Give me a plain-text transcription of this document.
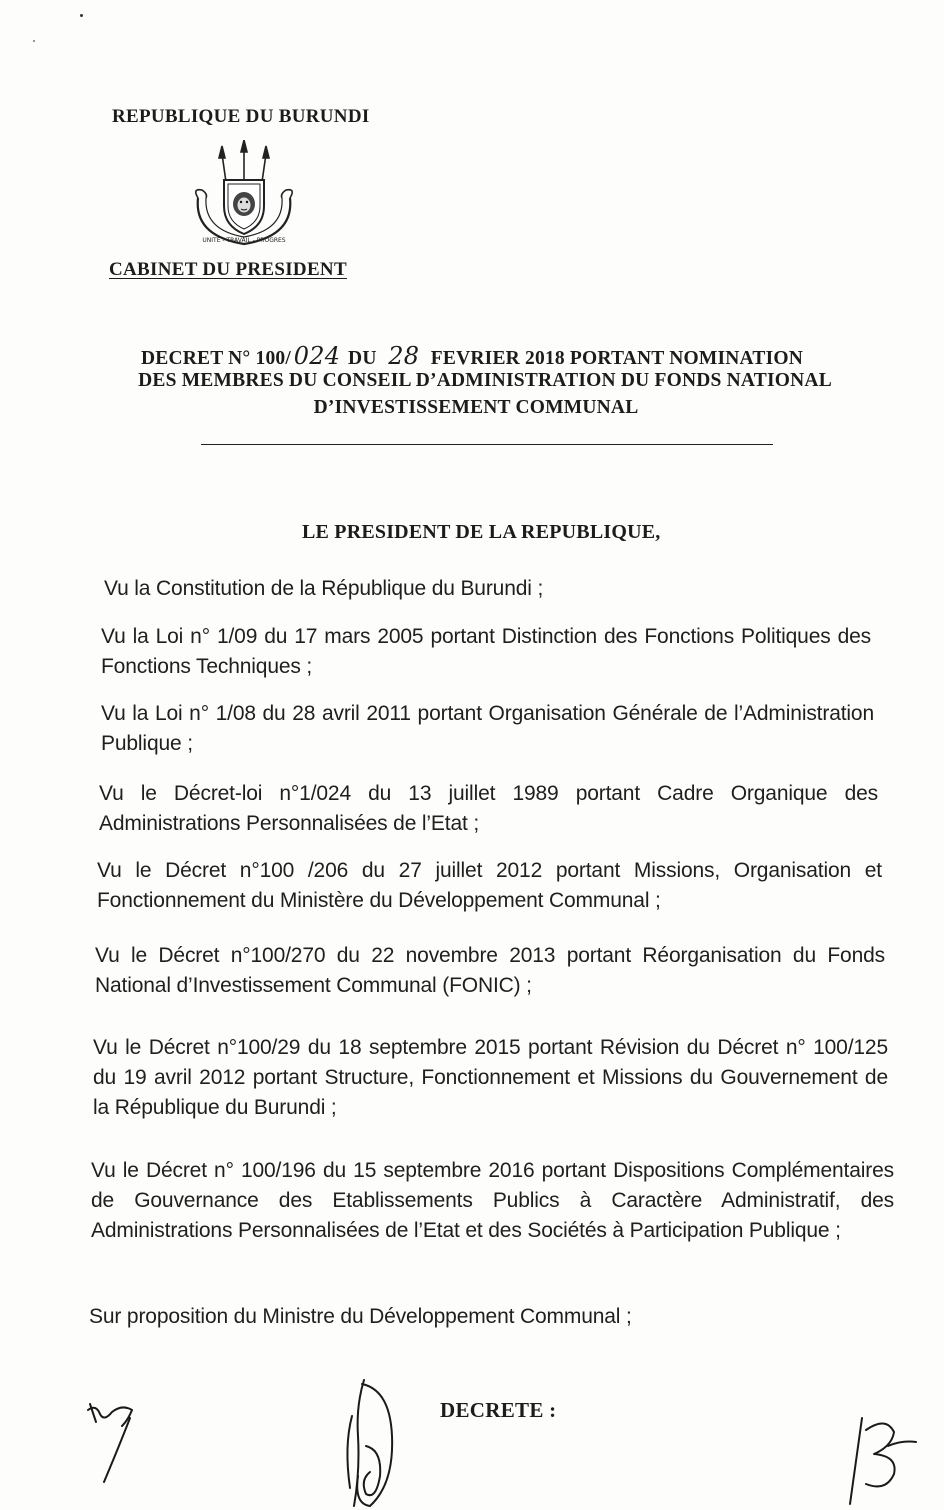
REPUBLIQUE DU BURUNDI
UNITE - TRAVAIL - PROGRES
CABINET DU PRESIDENT
DECRET N° 100/ 024 DU 28 FEVRIER 2018 PORTANT NOMINATION
DES MEMBRES DU CONSEIL D’ADMINISTRATION DU FONDS NATIONAL
D’INVESTISSEMENT COMMUNAL
LE PRESIDENT DE LA REPUBLIQUE,
Vu la Constitution de la République du Burundi ;
Vu la Loi n° 1/09 du 17 mars 2005 portant Distinction des Fonctions Politiques des Fonctions Techniques ;
Vu la Loi n° 1/08 du 28 avril 2011 portant Organisation Générale de l’Administration Publique ;
Vu le Décret-loi n°1/024 du 13 juillet 1989 portant Cadre Organique des Administrations Personnalisées de l’Etat ;
Vu le Décret n°100 /206 du 27 juillet 2012 portant Missions, Organisation et Fonctionnement du Ministère du Développement Communal ;
Vu le Décret n°100/270 du 22 novembre 2013 portant Réorganisation du Fonds National d’Investissement Communal (FONIC) ;
Vu le Décret n°100/29 du 18 septembre 2015 portant Révision du Décret n° 100/125 du 19 avril 2012 portant Structure, Fonctionnement et Missions du Gouvernement de la République du Burundi ;
Vu le Décret n° 100/196 du 15 septembre 2016 portant Dispositions Complémentaires de Gouvernance des Etablissements Publics à Caractère Administratif, des Administrations Personnalisées de l’Etat et des Sociétés à Participation Publique ;
Sur proposition du Ministre du Développement Communal ;
DECRETE :
